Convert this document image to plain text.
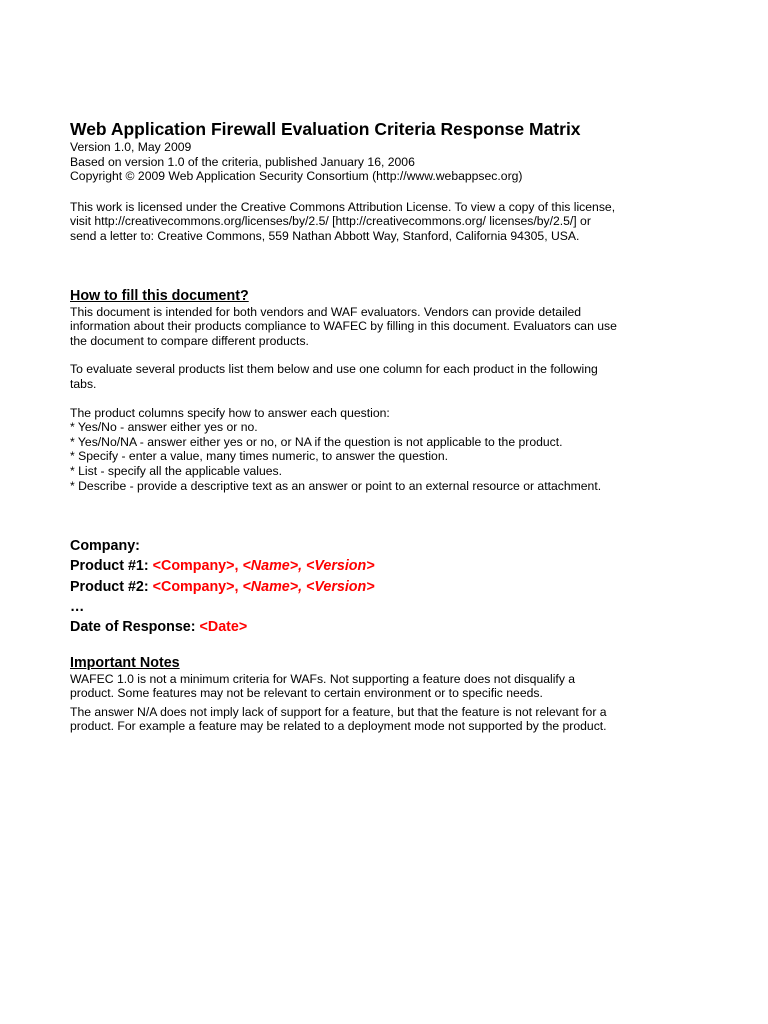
Web Application Firewall Evaluation Criteria Response Matrix
Version 1.0, May 2009
Based on version 1.0 of the criteria, published January 16, 2006
Copyright © 2009 Web Application Security Consortium (http://www.webappsec.org)
This work is licensed under the Creative Commons Attribution License. To view a copy of this license,
visit http://creativecommons.org/licenses/by/2.5/ [http://creativecommons.org/ licenses/by/2.5/] or
send a letter to: Creative Commons, 559 Nathan Abbott Way, Stanford, California 94305, USA.
How to fill this document?
This document is intended for both vendors and WAF evaluators. Vendors can provide detailed
information about their products compliance to WAFEC by filling in this document. Evaluators can use
the document to compare different products.
To evaluate several products list them below and use one column for each product in the following
tabs.
The product columns specify how to answer each question:
* Yes/No - answer either yes or no.
* Yes/No/NA - answer either yes or no, or NA if the question is not applicable to the product.
* Specify - enter a value, many times numeric, to answer the question.
* List - specify all the applicable values.
* Describe - provide a descriptive text as an answer or point to an external resource or attachment.
Company:
Product #1: <Company>, <Name>, <Version>
Product #2: <Company>, <Name>, <Version>
…
Date of Response: <Date>
Important Notes
WAFEC 1.0 is not a minimum criteria for WAFs. Not supporting a feature does not disqualify a
product. Some features may not be relevant to certain environment or to specific needs.
The answer N/A does not imply lack of support for a feature, but that the feature is not relevant for a
product. For example a feature may be related to a deployment mode not supported by the product.
